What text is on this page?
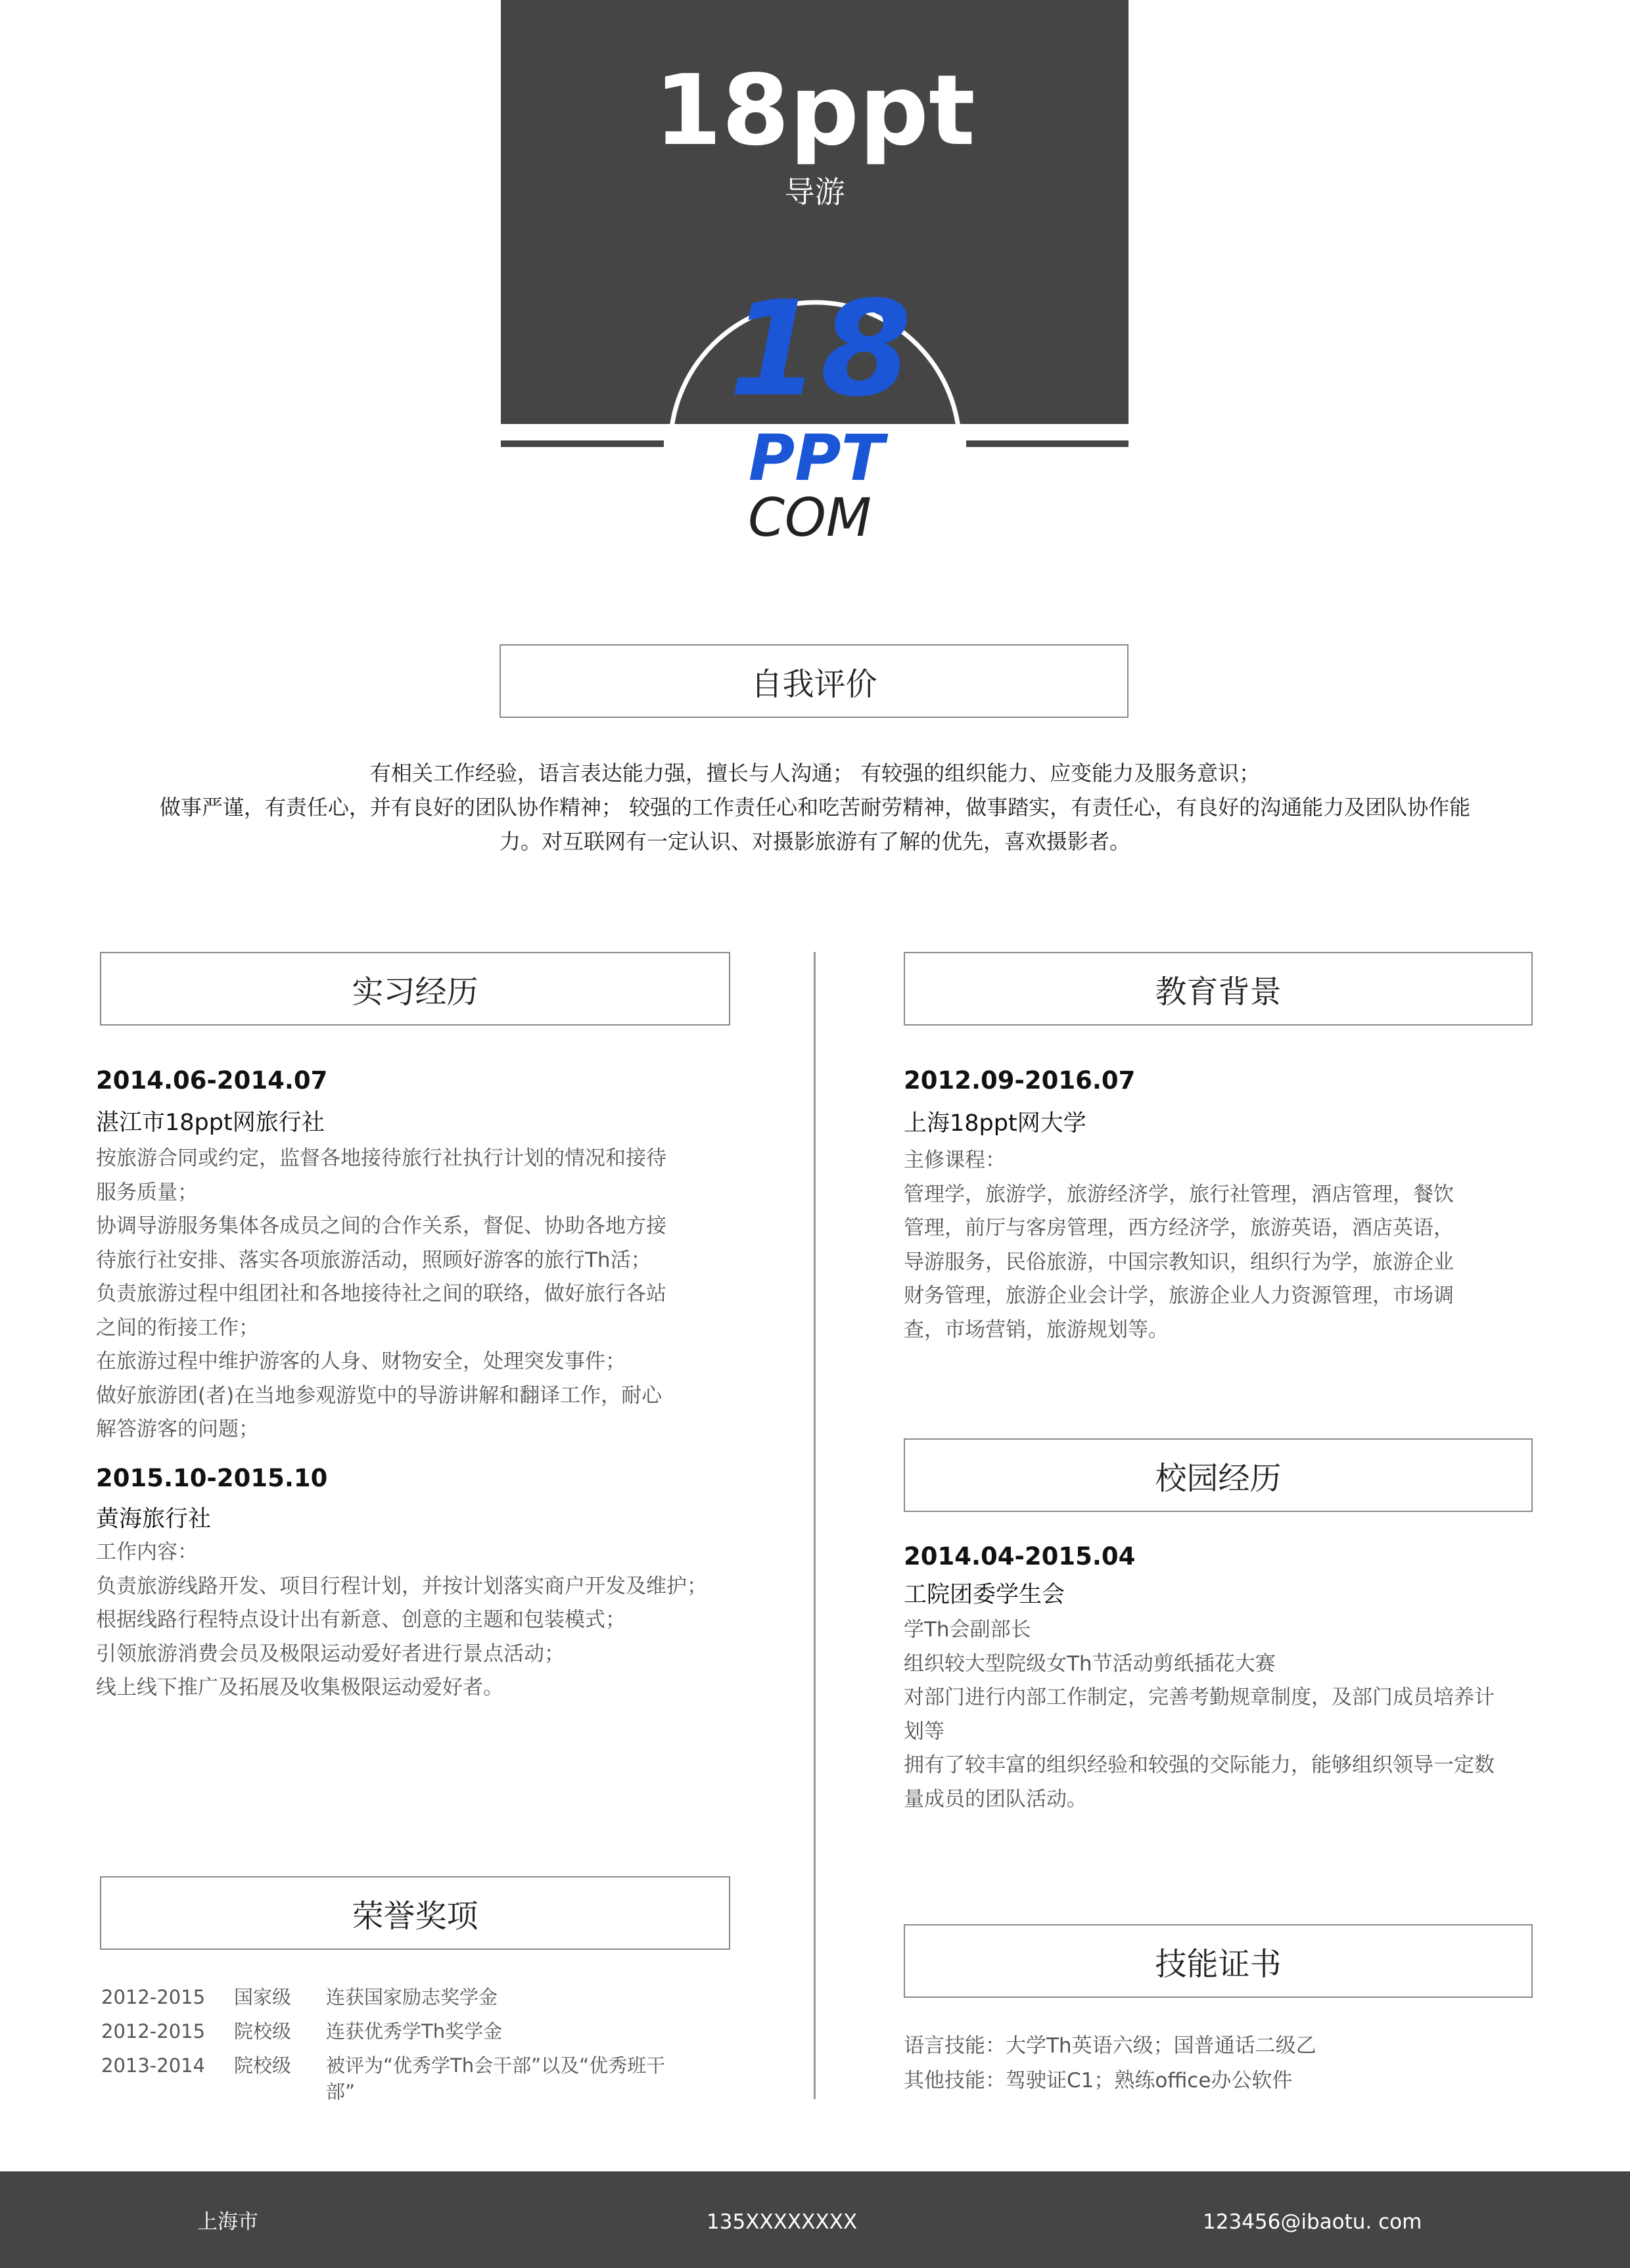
18ppt
导游
18
PPT
COM
自我评价
有相关工作经验，语言表达能力强，擅长与人沟通； 有较强的组织能力、应变能力及服务意识；
做事严谨，有责任心，并有良好的团队协作精神； 较强的工作责任心和吃苦耐劳精神，做事踏实，有责任心，有良好的沟通能力及团队协作能
力。对互联网有一定认识、对摄影旅游有了解的优先，喜欢摄影者。
实习经历
2014.06-2014.07
湛江市18ppt网旅行社

按旅游合同或约定，监督各地接待旅行社执行计划的情况和接待

服务质量；

协调导游服务集体各成员之间的合作关系，督促、协助各地方接

待旅行社安排、落实各项旅游活动，照顾好游客的旅行Th活；

负责旅游过程中组团社和各地接待社之间的联络，做好旅行各站

之间的衔接工作；

在旅游过程中维护游客的人身、财物安全，处理突发事件；

做好旅游团(者)在当地参观游览中的导游讲解和翻译工作，耐心

解答游客的问题；

2015.10-2015.10
黄海旅行社

工作内容：

负责旅游线路开发、项目行程计划，并按计划落实商户开发及维护；

根据线路行程特点设计出有新意、创意的主题和包装模式；

引领旅游消费会员及极限运动爱好者进行景点活动；

线上线下推广及拓展及收集极限运动爱好者。

教育背景
2012.09-2016.07
上海18ppt网大学

主修课程：

管理学，旅游学，旅游经济学，旅行社管理，酒店管理，餐饮

管理，前厅与客房管理，西方经济学，旅游英语，酒店英语，

导游服务，民俗旅游，中国宗教知识，组织行为学，旅游企业

财务管理，旅游企业会计学，旅游企业人力资源管理，市场调

查，市场营销，旅游规划等。

校园经历
2014.04-2015.04
工院团委学生会

学Th会副部长

组织较大型院级女Th节活动剪纸插花大赛

对部门进行内部工作制定，完善考勤规章制度，及部门成员培养计

划等

拥有了较丰富的组织经验和较强的交际能力，能够组织领导一定数

量成员的团队活动。

荣誉奖项
2012-2015 国家级 连获国家励志奖学金
2012-2015 院校级 连获优秀学Th奖学金
2013-2014 院校级 被评为“优秀学Th会干部”以及“优秀班干
部”
技能证书

语言技能：大学Th英语六级；国普通话二级乙

其他技能：驾驶证C1；熟练office办公软件

上海市	135XXXXXXXX	123456@ibaotu. com
